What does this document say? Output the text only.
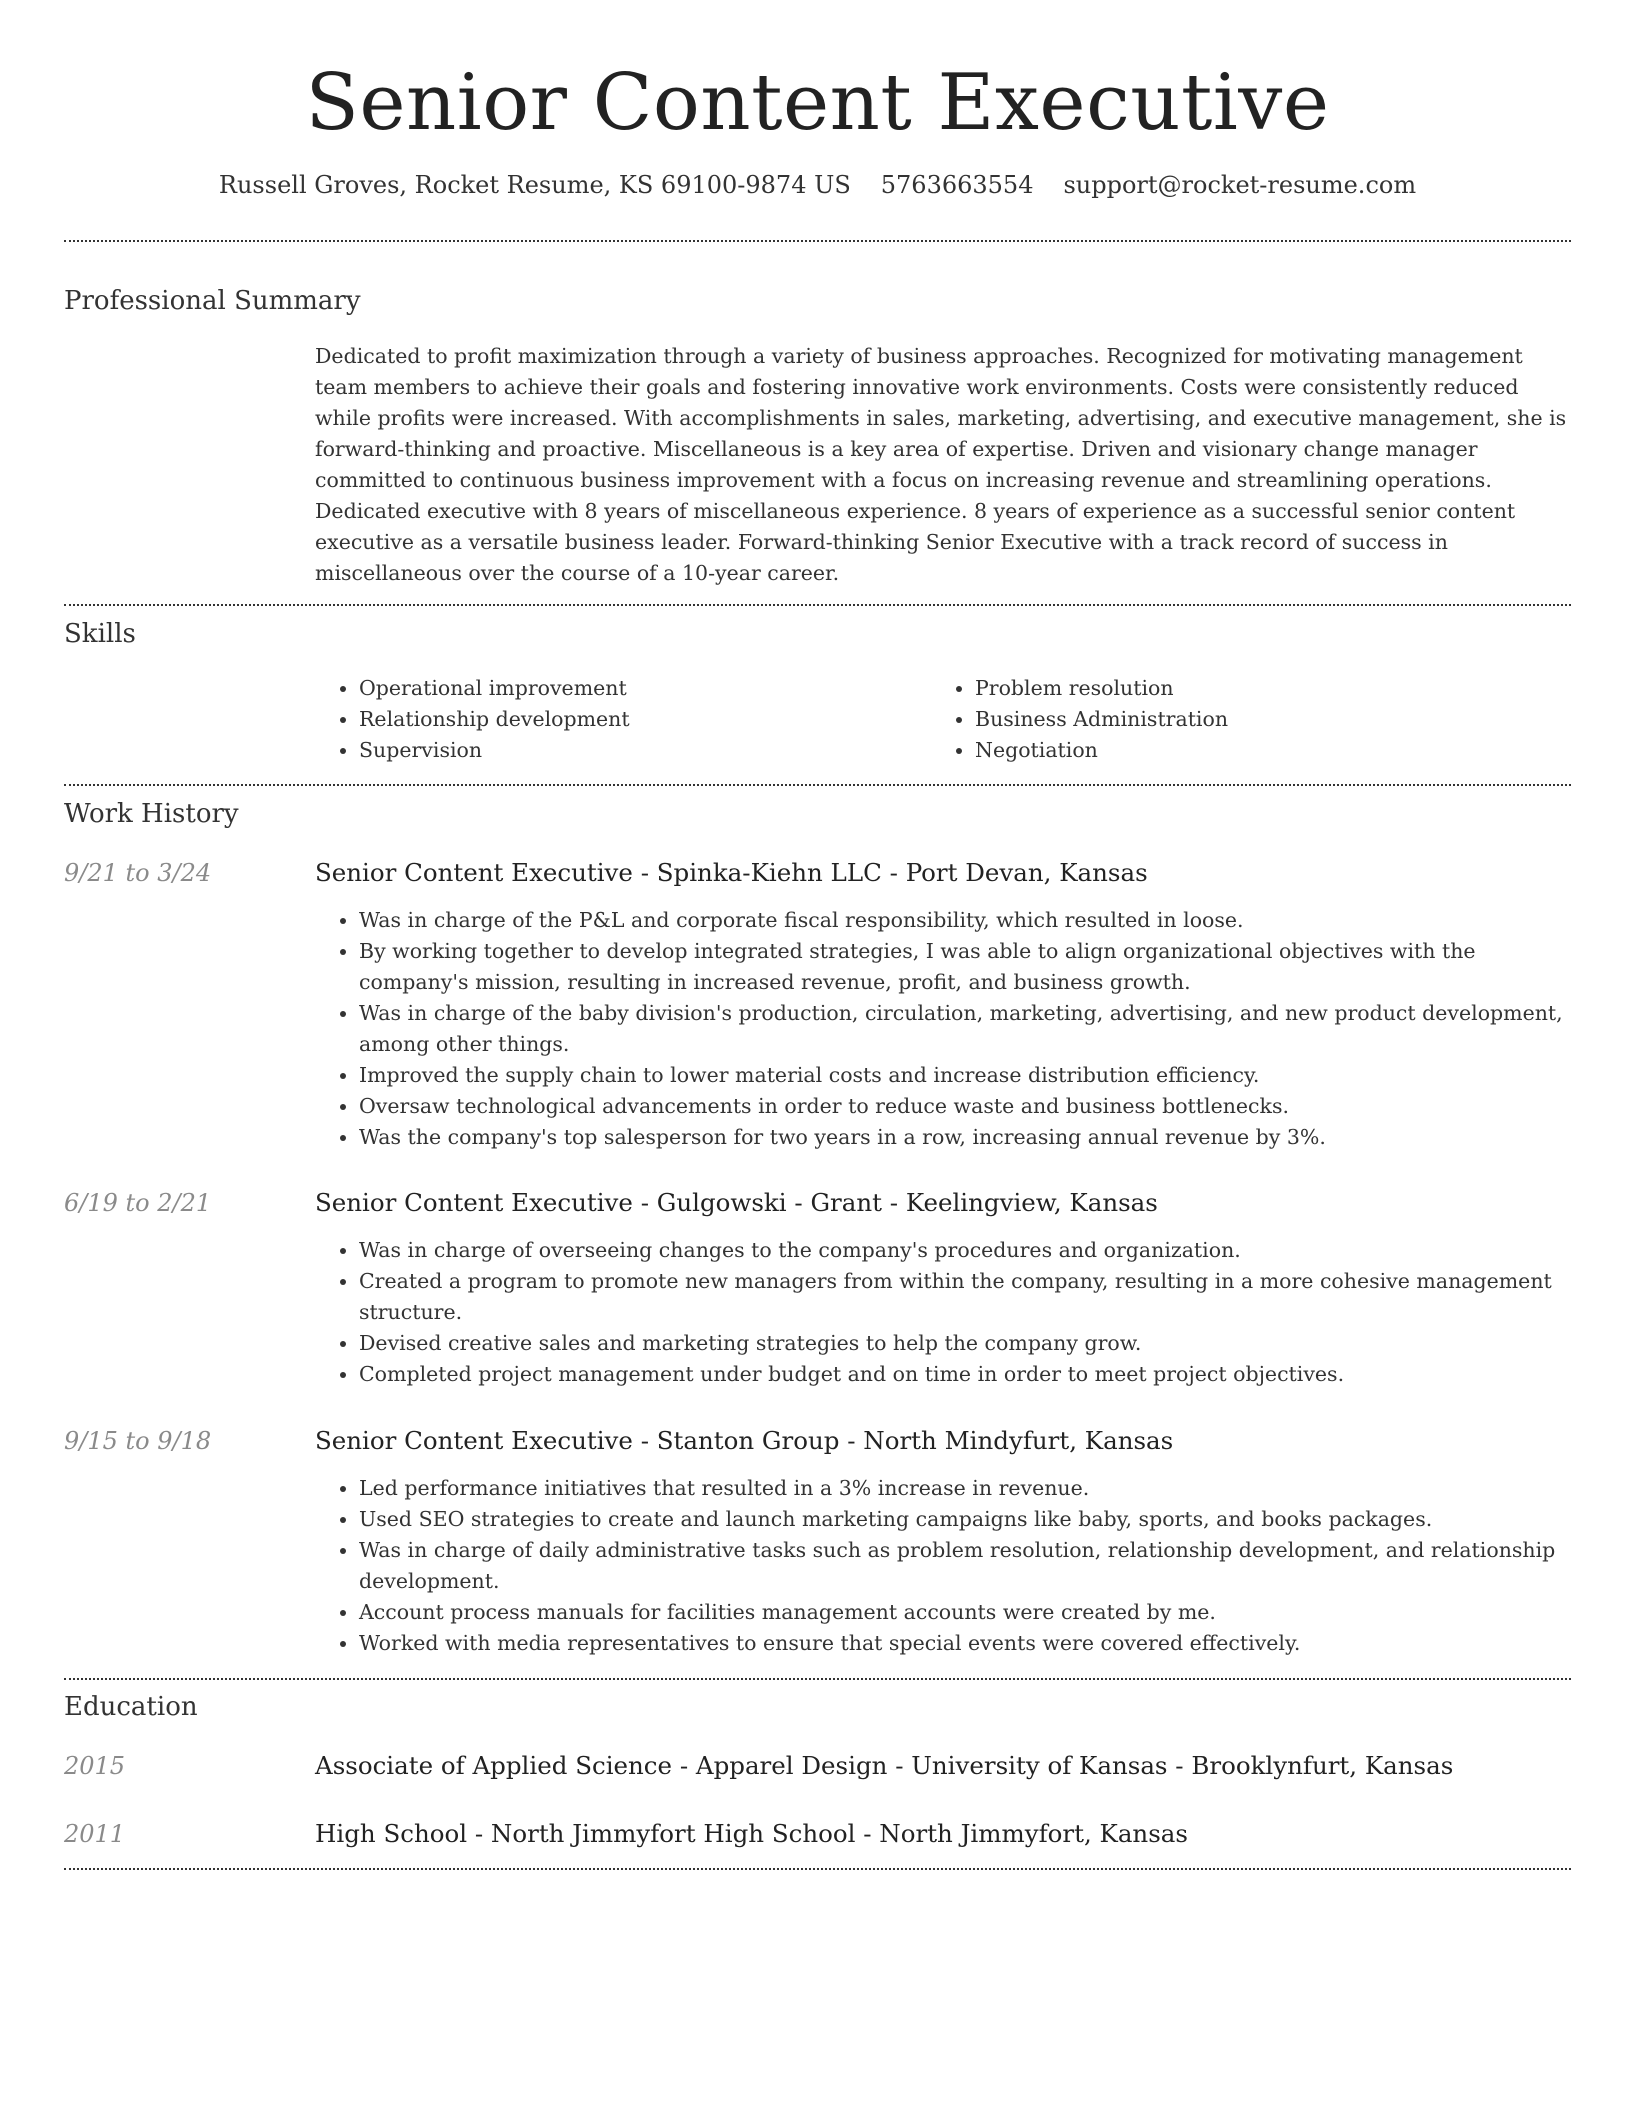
Senior Content Executive
Russell Groves, Rocket Resume, KS 69100-9874 US 5763663554 support@rocket-resume.com
Professional Summary
Dedicated to profit maximization through a variety of business approaches. Recognized for motivating management team members to achieve their goals and fostering innovative work environments. Costs were consistently reduced while profits were increased. With accomplishments in sales, marketing, advertising, and executive management, she is forward-thinking and proactive. Miscellaneous is a key area of expertise. Driven and visionary change manager committed to continuous business improvement with a focus on increasing revenue and streamlining operations. Dedicated executive with 8 years of miscellaneous experience. 8 years of experience as a successful senior content executive as a versatile business leader. Forward-thinking Senior Executive with a track record of success in miscellaneous over the course of a 10-year career.
Skills
• Operational improvement
• Relationship development
• Supervision
• Problem resolution
• Business Administration
• Negotiation
Work History
9/21 to 3/24	Senior Content Executive - Spinka-Kiehn LLC - Port Devan, Kansas
• Was in charge of the P&L and corporate fiscal responsibility, which resulted in loose.
• By working together to develop integrated strategies, I was able to align organizational objectives with the company's mission, resulting in increased revenue, profit, and business growth.
• Was in charge of the baby division's production, circulation, marketing, advertising, and new product development, among other things.
• Improved the supply chain to lower material costs and increase distribution efficiency.
• Oversaw technological advancements in order to reduce waste and business bottlenecks.
• Was the company's top salesperson for two years in a row, increasing annual revenue by 3%.
6/19 to 2/21	Senior Content Executive - Gulgowski - Grant - Keelingview, Kansas
• Was in charge of overseeing changes to the company's procedures and organization.
• Created a program to promote new managers from within the company, resulting in a more cohesive management structure.
• Devised creative sales and marketing strategies to help the company grow.
• Completed project management under budget and on time in order to meet project objectives.
9/15 to 9/18	Senior Content Executive - Stanton Group - North Mindyfurt, Kansas
• Led performance initiatives that resulted in a 3% increase in revenue.
• Used SEO strategies to create and launch marketing campaigns like baby, sports, and books packages.
• Was in charge of daily administrative tasks such as problem resolution, relationship development, and relationship development.
• Account process manuals for facilities management accounts were created by me.
• Worked with media representatives to ensure that special events were covered effectively.
Education
2015	Associate of Applied Science - Apparel Design - University of Kansas - Brooklynfurt, Kansas
2011	High School - North Jimmyfort High School - North Jimmyfort, Kansas
